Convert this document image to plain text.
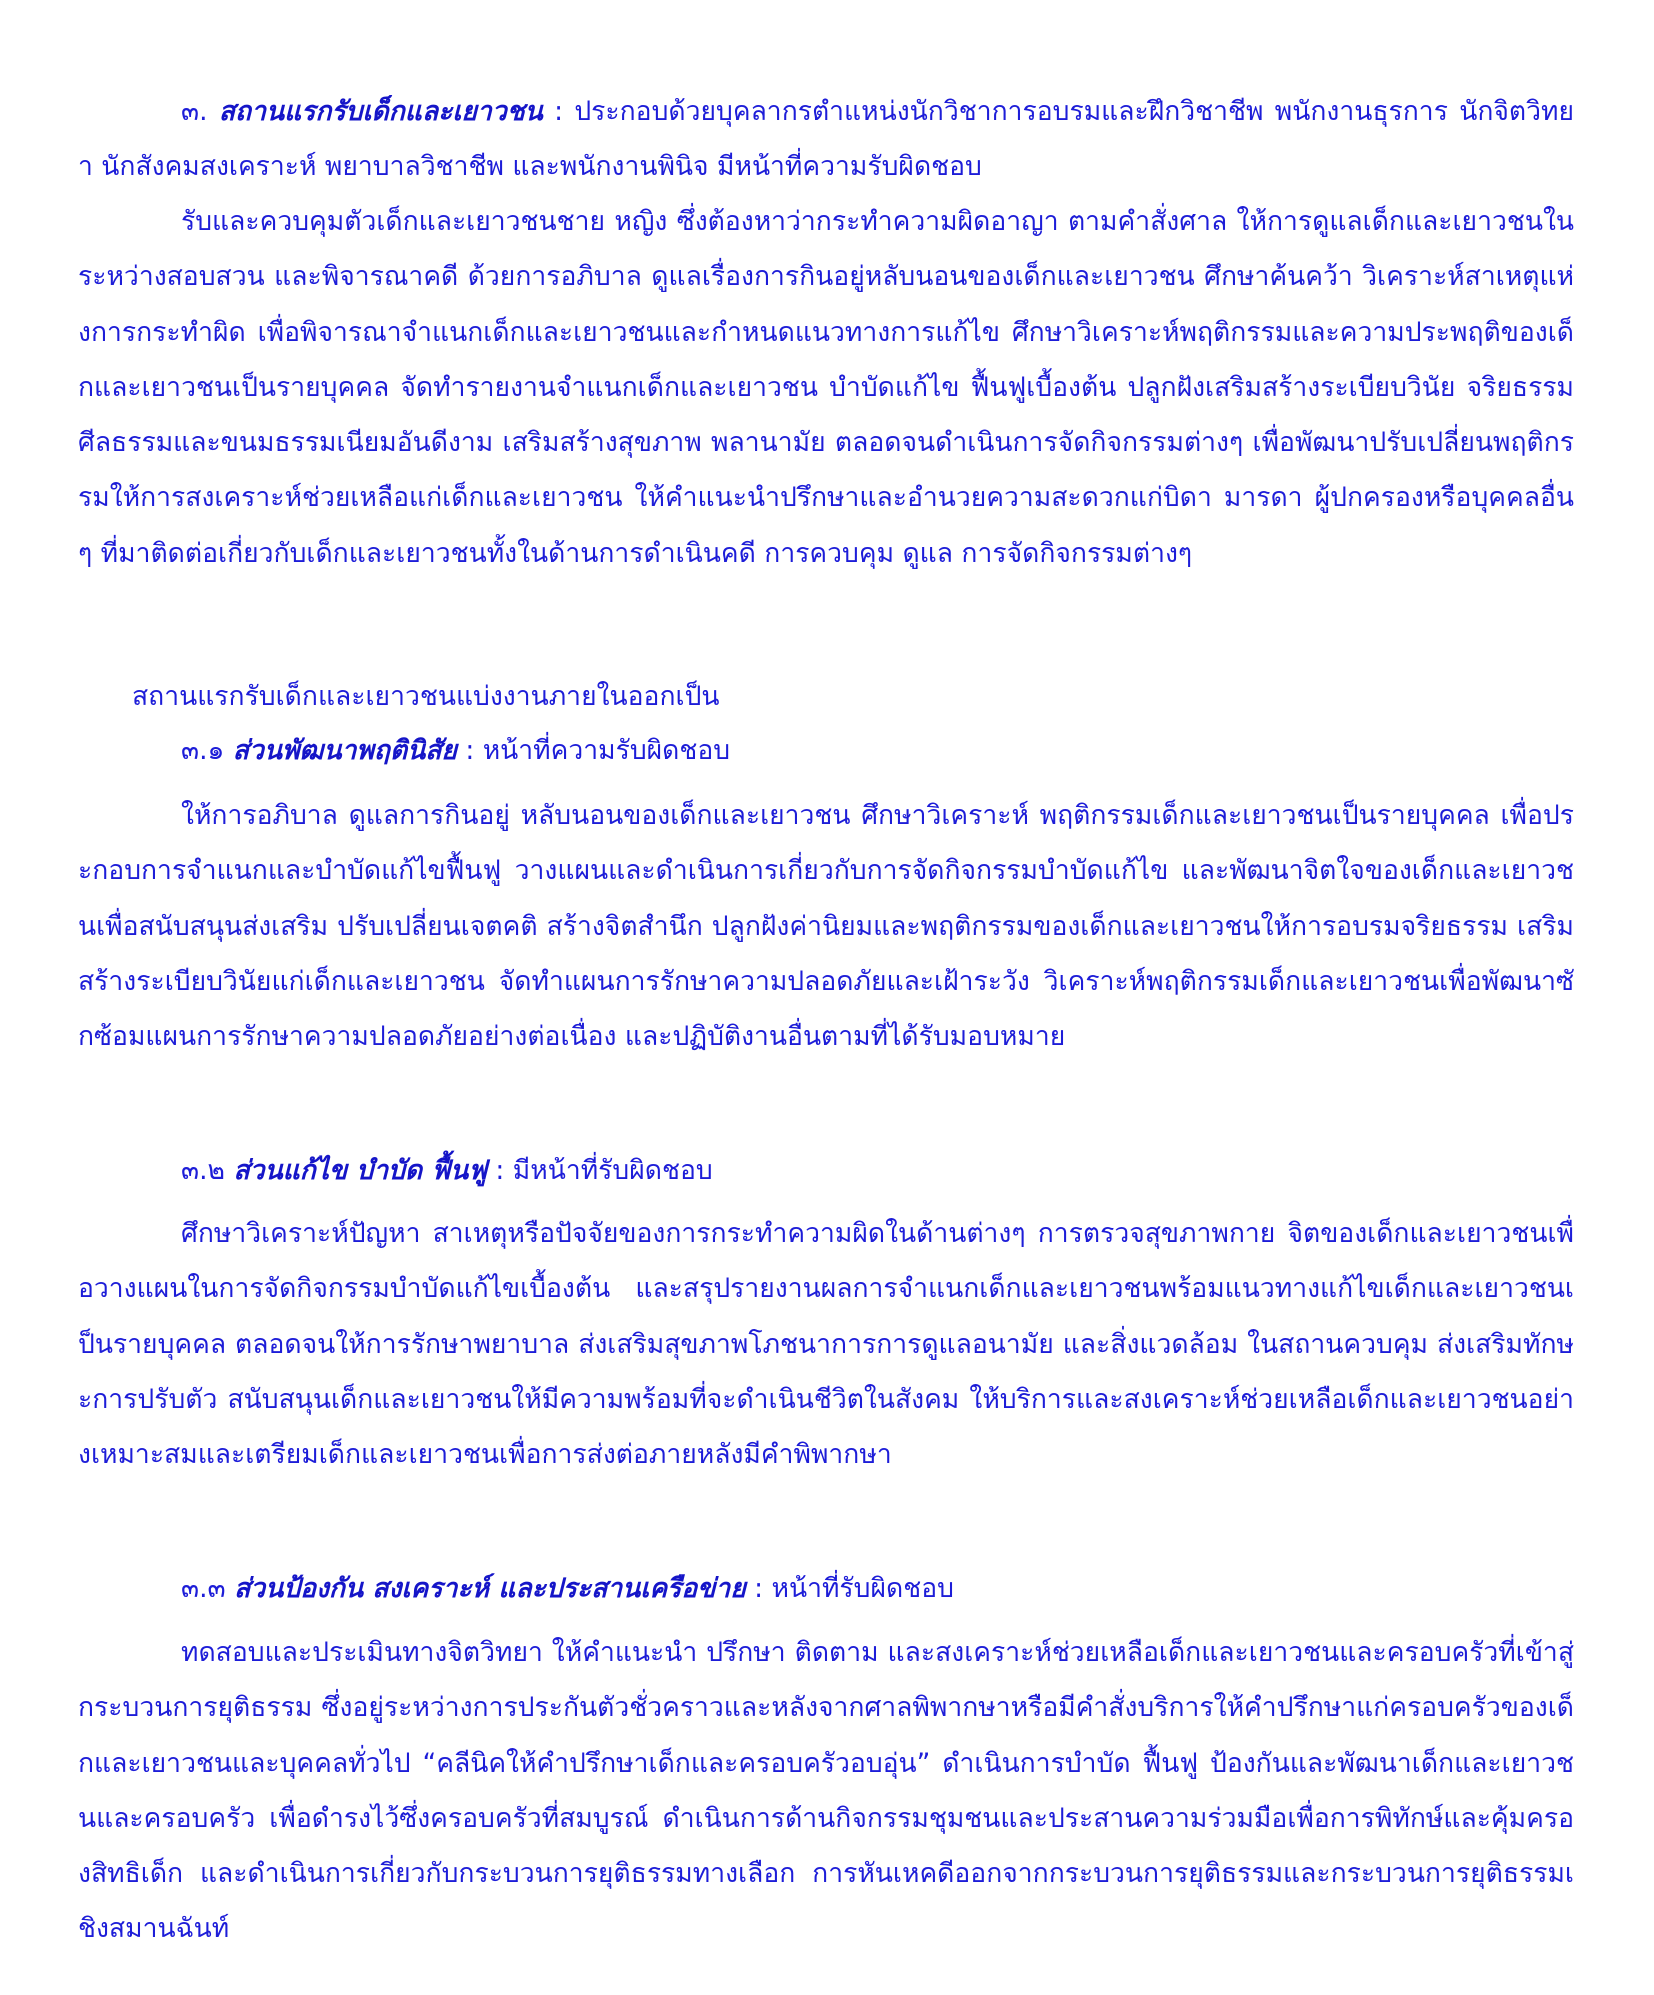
๓. สถานแรกรับเด็กและเยาวชน : ประกอบด้วยบุคลากรตำแหน่งนักวิชาการอบรมและฝึกวิชาชีพ พนักงานธุรการ นักจิตวิทยา นักสังคมสงเคราะห์ พยาบาลวิชาชีพ และพนักงานพินิจ มีหน้าที่ความรับผิดชอบ

รับและควบคุมตัวเด็กและเยาวชนชาย หญิง ซึ่งต้องหาว่ากระทำความผิดอาญา ตามคำสั่งศาล ให้การดูแลเด็กและเยาวชนในระหว่างสอบสวน และพิจารณาคดี ด้วยการอภิบาล ดูแลเรื่องการกินอยู่หลับนอนของเด็กและเยาวชน ศึกษาค้นคว้า วิเคราะห์สาเหตุแห่งการกระทำผิด เพื่อพิจารณาจำแนกเด็กและเยาวชนและกำหนดแนวทางการแก้ไข ศึกษาวิเคราะห์พฤติกรรมและความประพฤติของเด็กและเยาวชนเป็นรายบุคคล จัดทำรายงานจำแนกเด็กและเยาวชน บำบัดแก้ไข ฟื้นฟูเบื้องต้น ปลูกฝังเสริมสร้างระเบียบวินัย จริยธรรม ศีลธรรมและขนมธรรมเนียมอันดีงาม เสริมสร้างสุขภาพ พลานามัย ตลอดจนดำเนินการจัดกิจกรรมต่างๆ เพื่อพัฒนาปรับเปลี่ยนพฤติกรรมให้การสงเคราะห์ช่วยเหลือแก่เด็กและเยาวชน ให้คำแนะนำปรึกษาและอำนวยความสะดวกแก่บิดา มารดา ผู้ปกครองหรือบุคคลอื่นๆ ที่มาติดต่อเกี่ยวกับเด็กและเยาวชนทั้งในด้านการดำเนินคดี การควบคุม ดูแล การจัดกิจกรรมต่างๆ

สถานแรกรับเด็กและเยาวชนแบ่งงานภายในออกเป็น

๓.๑ ส่วนพัฒนาพฤตินิสัย : หน้าที่ความรับผิดชอบ

ให้การอภิบาล ดูแลการกินอยู่ หลับนอนของเด็กและเยาวชน ศึกษาวิเคราะห์ พฤติกรรมเด็กและเยาวชนเป็นรายบุคคล เพื่อประกอบการจำแนกและบำบัดแก้ไขฟื้นฟู วางแผนและดำเนินการเกี่ยวกับการจัดกิจกรรมบำบัดแก้ไข และพัฒนาจิตใจของเด็กและเยาวชนเพื่อสนับสนุนส่งเสริม ปรับเปลี่ยนเจตคติ สร้างจิตสำนึก ปลูกฝังค่านิยมและพฤติกรรมของเด็กและเยาวชนให้การอบรมจริยธรรม เสริมสร้างระเบียบวินัยแก่เด็กและเยาวชน จัดทำแผนการรักษาความปลอดภัยและเฝ้าระวัง วิเคราะห์พฤติกรรมเด็กและเยาวชนเพื่อพัฒนาซักซ้อมแผนการรักษาความปลอดภัยอย่างต่อเนื่อง และปฏิบัติงานอื่นตามที่ได้รับมอบหมาย

๓.๒ ส่วนแก้ไข บำบัด ฟื้นฟู : มีหน้าที่รับผิดชอบ

ศึกษาวิเคราะห์ปัญหา สาเหตุหรือปัจจัยของการกระทำความผิดในด้านต่างๆ การตรวจสุขภาพกาย จิตของเด็กและเยาวชนเพื่อวางแผนในการจัดกิจกรรมบำบัดแก้ไขเบื้องต้น และสรุปรายงานผลการจำแนกเด็กและเยาวชนพร้อมแนวทางแก้ไขเด็กและเยาวชนเป็นรายบุคคล ตลอดจนให้การรักษาพยาบาล ส่งเสริมสุขภาพโภชนาการการดูแลอนามัย และสิ่งแวดล้อม ในสถานควบคุม ส่งเสริมทักษะการปรับตัว สนับสนุนเด็กและเยาวชนให้มีความพร้อมที่จะดำเนินชีวิตในสังคม ให้บริการและสงเคราะห์ช่วยเหลือเด็กและเยาวชนอย่างเหมาะสมและเตรียมเด็กและเยาวชนเพื่อการส่งต่อภายหลังมีคำพิพากษา

๓.๓ ส่วนป้องกัน สงเคราะห์ และประสานเครือข่าย : หน้าที่รับผิดชอบ

ทดสอบและประเมินทางจิตวิทยา ให้คำแนะนำ ปรึกษา ติดตาม และสงเคราะห์ช่วยเหลือเด็กและเยาวชนและครอบครัวที่เข้าสู่กระบวนการยุติธรรม ซึ่งอยู่ระหว่างการประกันตัวชั่วคราวและหลังจากศาลพิพากษาหรือมีคำสั่งบริการให้คำปรึกษาแก่ครอบครัวของเด็กและเยาวชนและบุคคลทั่วไป “คลีนิคให้คำปรึกษาเด็กและครอบครัวอบอุ่น” ดำเนินการบำบัด ฟื้นฟู ป้องกันและพัฒนาเด็กและเยาวชนและครอบครัว เพื่อดำรงไว้ซึ่งครอบครัวที่สมบูรณ์ ดำเนินการด้านกิจกรรมชุมชนและประสานความร่วมมือเพื่อการพิทักษ์และคุ้มครองสิทธิเด็ก และดำเนินการเกี่ยวกับกระบวนการยุติธรรมทางเลือก การหันเหคดีออกจากกระบวนการยุติธรรมและกระบวนการยุติธรรมเชิงสมานฉันท์
